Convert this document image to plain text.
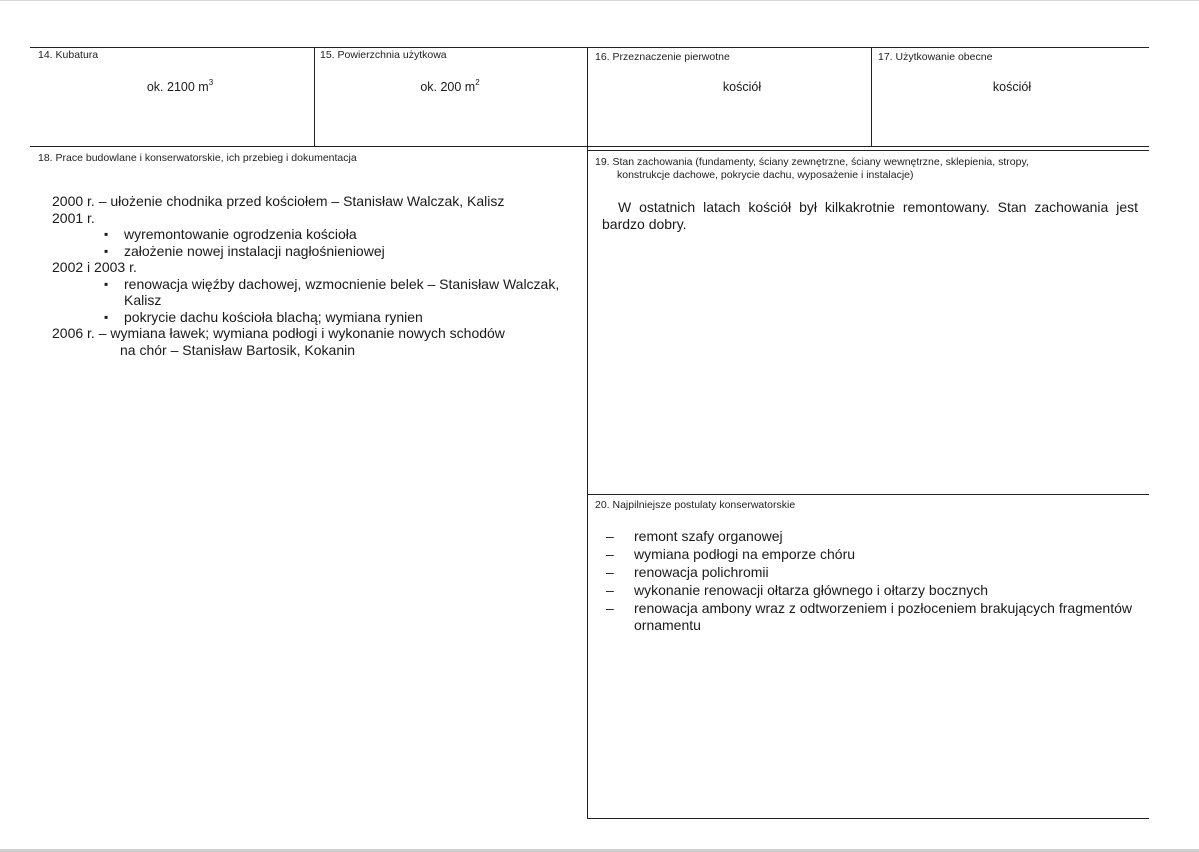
14. Kubatura
ok. 2100 $m^3$
15. Powierzchnia użytkowa
ok. 200 $m^2$
16. Przeznaczenie pierwotne
kościół
17. Użytkowanie obecne
kościół
18. Prace budowlane i konserwatorskie, ich przebieg i dokumentacja
2000 r. – ułożenie chodnika przed kościołem – Stanisław Walczak, Kalisz
2001 r.
▪ wyremontowanie ogrodzenia kościoła
▪ założenie nowej instalacji nagłośnieniowej
2002 i 2003 r.
▪ renowacja więźby dachowej, wzmocnienie belek – Stanisław Walczak, Kalisz
▪ pokrycie dachu kościoła blachą; wymiana rynien
2006 r. – wymiana ławek; wymiana podłogi i wykonanie nowych schodów
na chór – Stanisław Bartosik, Kokanin
19. Stan zachowania (fundamenty, ściany zewnętrzne, ściany wewnętrzne, sklepienia, stropy,
konstrukcje dachowe, pokrycie dachu, wyposażenie i instalacje)
W ostatnich latach kościół był kilkakrotnie remontowany. Stan zachowania jest bardzo dobry.
20. Najpilniejsze postulaty konserwatorskie
– remont szafy organowej
– wymiana podłogi na emporze chóru
– renowacja polichromii
– wykonanie renowacji ołtarza głównego i ołtarzy bocznych
– renowacja ambony wraz z odtworzeniem i pozłoceniem brakujących fragmentów ornamentu
